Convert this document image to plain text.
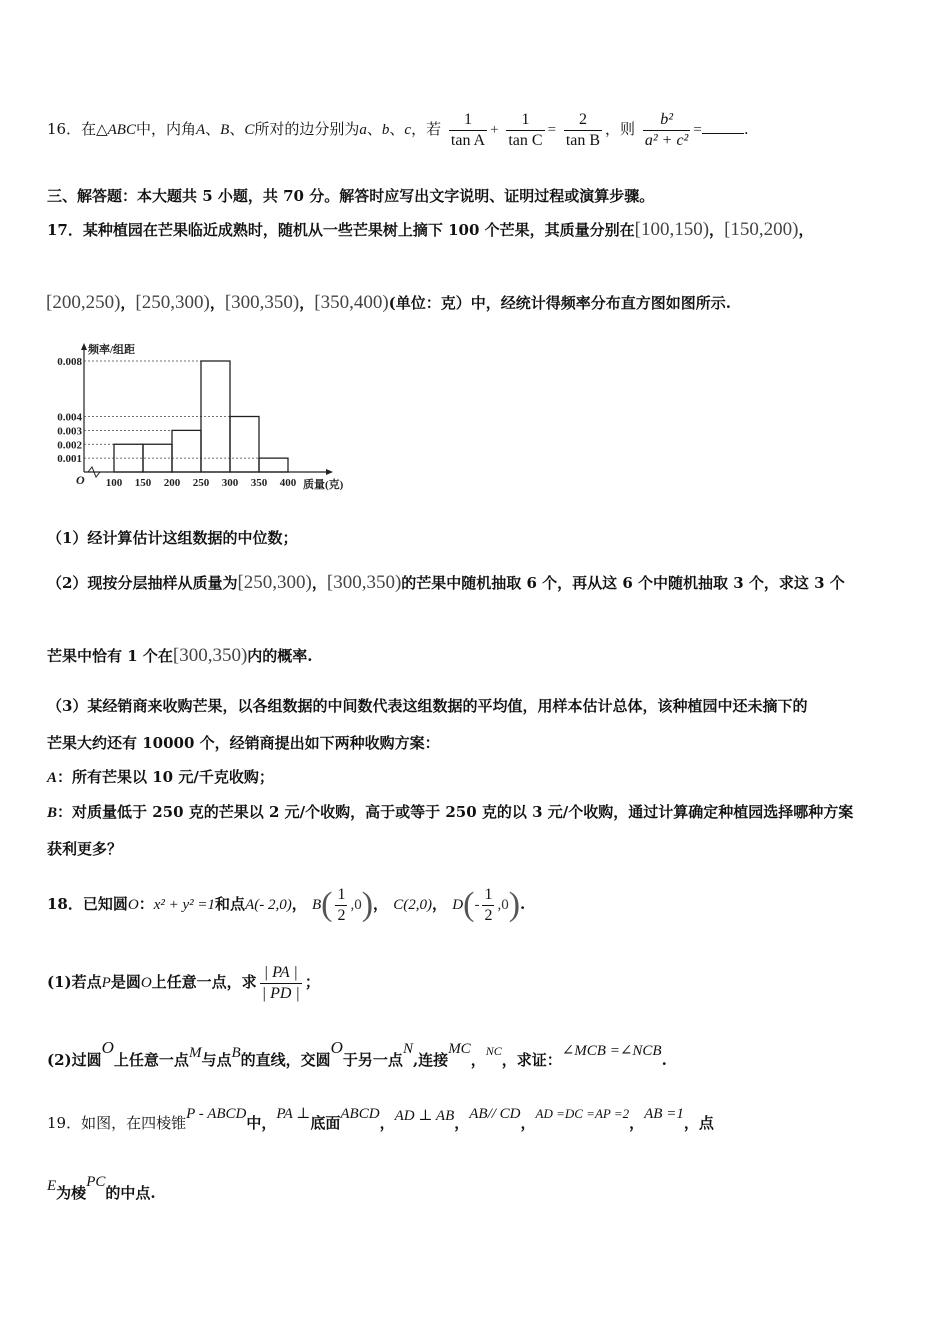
16．在△ABC中，内角A、B、C所对的边分别为a、b、c，若 $\frac{1}{\text{tan A}} + \frac{1}{\text{tan C}} = \frac{2}{\text{tan B}}$ ，则 $\frac{\text{b²}}{\text{a² + c²}}$ =	.
三、解答题：本大题共 5 小题，共 70 分。解答时应写出文字说明、证明过程或演算步骤。
17．某种植园在芒果临近成熟时，随机从一些芒果树上摘下 100 个芒果，其质量分别在[100,150)，[150,200)，
[200,250)，[250,300)，[300,350)，[350,400)(单位：克）中，经统计得频率分布直方图如图所示.
0.001
0.002
0.003
0.004
0.008
100 150 200 250 300 350 400
O
频率/组距
质量(克)
（1）经计算估计这组数据的中位数；
（2）现按分层抽样从质量为[250,300)，[300,350)的芒果中随机抽取 6 个，再从这 6 个中随机抽取 3 个，求这 3 个
芒果中恰有 1 个在[300,350)内的概率.
（3）某经销商来收购芒果，以各组数据的中间数代表这组数据的平均值，用样本估计总体，该种植园中还未摘下的
芒果大约还有 10000 个，经销商提出如下两种收购方案：
A：所有芒果以 10 元/千克收购；
B：对质量低于 250 克的芒果以 2 元/个收购，高于或等于 250 克的以 3 元/个收购，通过计算确定种植园选择哪种方案
获利更多？
18．已知圆O：x² + y² =1和点A(- 2,0)， $B( \frac{1}{2} ,0)$， C(2,0)， $D(- \frac{1}{2} ,0)$.
(1)若点P是圆O上任意一点，求 $\frac{| PA |}{| PD |}$ ；
(2)过圆O上任意一点M与点B的直线，交圆O于另一点N,连接MC，$^{NC}$，求证：∠MCB =∠NCB.
19．如图，在四棱锥P - ABCD中，PA ⊥底面ABCD，AD ⊥ AB，AB// CD，AD =DC =AP =2，AB =1，点
E为棱PC的中点.
